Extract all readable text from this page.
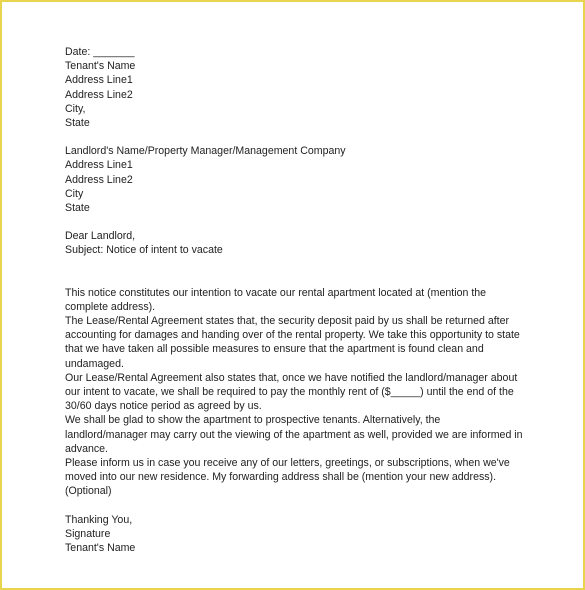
Date: _______
Tenant's Name
Address Line1
Address Line2
City,
State
Landlord's Name/Property Manager/Management Company
Address Line1
Address Line2
City
State
Dear Landlord,
Subject: Notice of intent to vacate
This notice constitutes our intention to vacate our rental apartment located at (mention the complete address).
The Lease/Rental Agreement states that, the security deposit paid by us shall be returned after accounting for damages and handing over of the rental property. We take this opportunity to state that we have taken all possible measures to ensure that the apartment is found clean and undamaged.
Our Lease/Rental Agreement also states that, once we have notified the landlord/manager about our intent to vacate, we shall be required to pay the monthly rent of ($_____) until the end of the 30/60 days notice period as agreed by us.
We shall be glad to show the apartment to prospective tenants. Alternatively, the landlord/manager may carry out the viewing of the apartment as well, provided we are informed in advance.
Please inform us in case you receive any of our letters, greetings, or subscriptions, when we've moved into our new residence. My forwarding address shall be (mention your new address). (Optional)
Thanking You,
Signature
Tenant's Name
